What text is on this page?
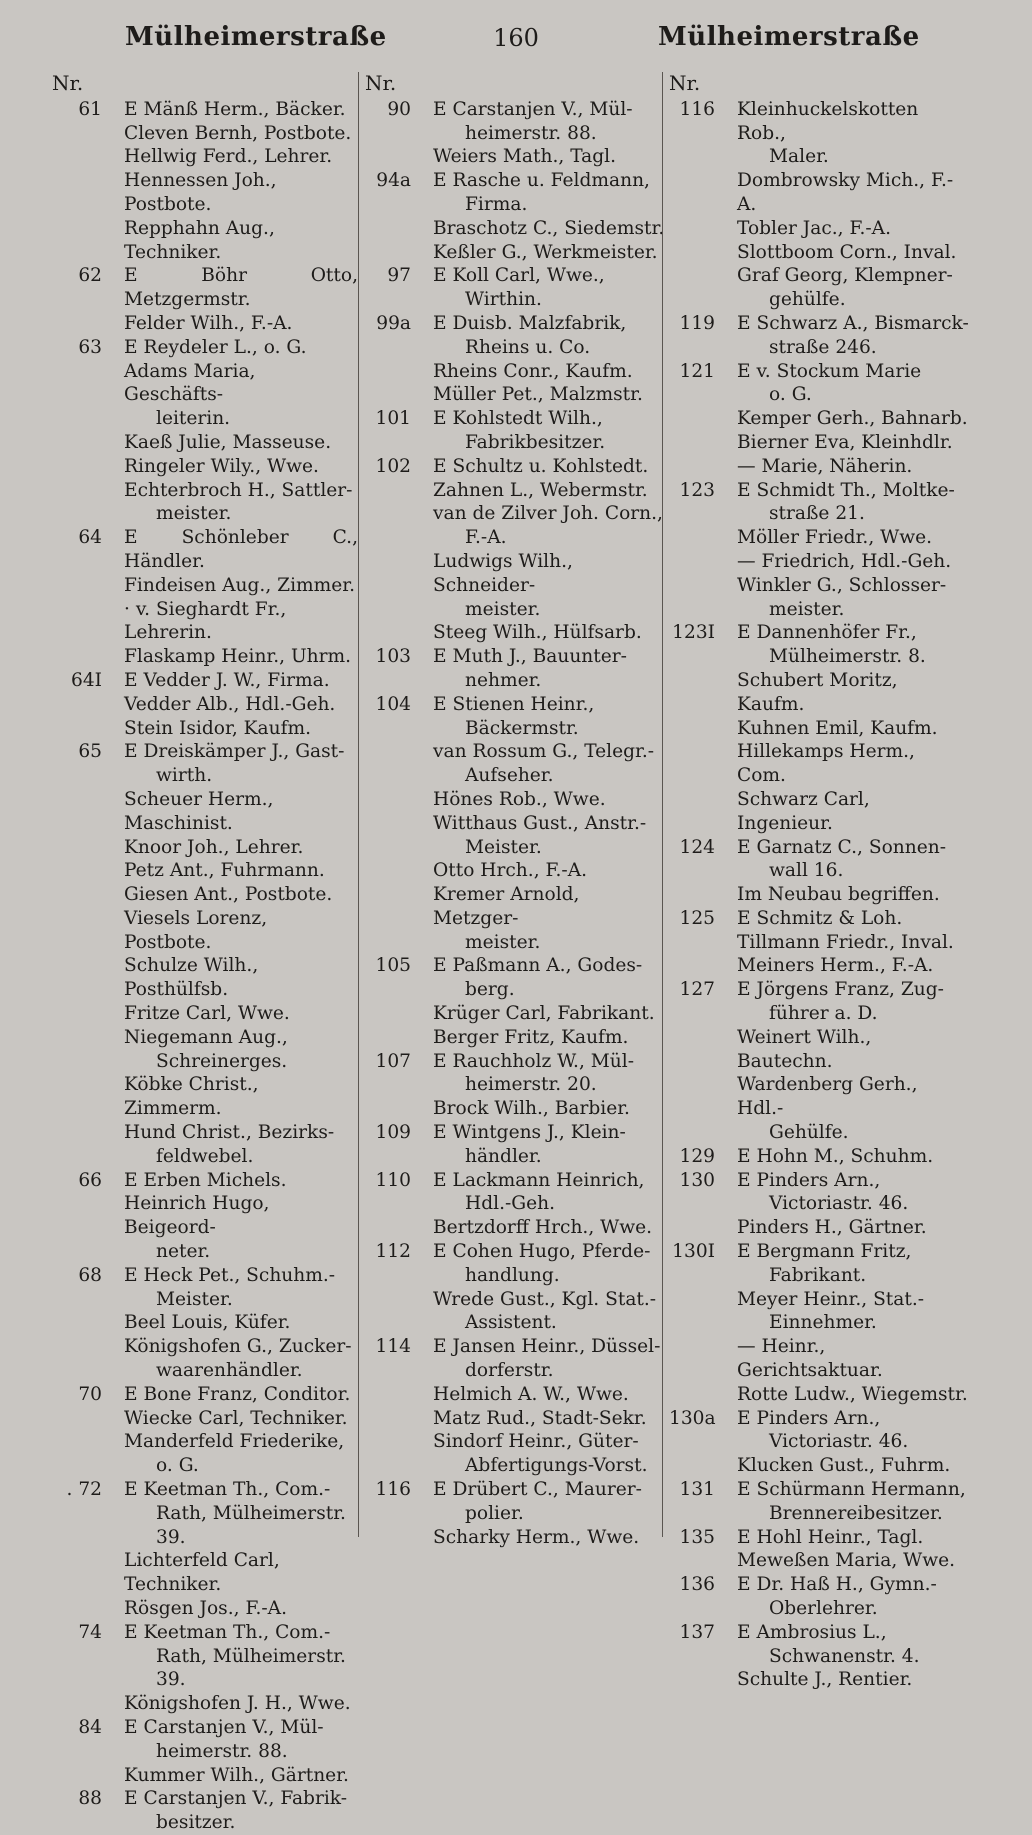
Mülheimerstraße	160	Mülheimerstraße
Nr.
61 E Mänß Herm., Bäcker.
Cleven Bernh, Postbote.
Hellwig Ferd., Lehrer.
Hennessen Joh., Postbote.
Repphahn Aug., Techniker.
62 E Böhr Otto, Metzgermstr.
Felder Wilh., F.-A.
63 E Reydeler L., o. G.
Adams Maria, Geschäfts-
leiterin.
Kaeß Julie, Masseuse.
Ringeler Wily., Wwe.
Echterbroch H., Sattler-
meister.
64 E Schönleber C., Händler.
Findeisen Aug., Zimmer.
· v. Sieghardt Fr., Lehrerin.
Flaskamp Heinr., Uhrm.
64I E Vedder J. W., Firma.
Vedder Alb., Hdl.-Geh.
Stein Isidor, Kaufm.
65 E Dreiskämper J., Gast-
wirth.
Scheuer Herm., Maschinist.
Knoor Joh., Lehrer.
Petz Ant., Fuhrmann.
Giesen Ant., Postbote.
Viesels Lorenz, Postbote.
Schulze Wilh., Posthülfsb.
Fritze Carl, Wwe.
Niegemann Aug.,
Schreinerges.
Köbke Christ., Zimmerm.
Hund Christ., Bezirks-
feldwebel.
66 E Erben Michels.
Heinrich Hugo, Beigeord-
neter.
68 E Heck Pet., Schuhm.-
Meister.
Beel Louis, Küfer.
Königshofen G., Zucker-
waarenhändler.
70 E Bone Franz, Conditor.
Wiecke Carl, Techniker.
Manderfeld Friederike,
o. G.
. 72 E Keetman Th., Com.-
Rath, Mülheimerstr. 39.
Lichterfeld Carl, Techniker.
Rösgen Jos., F.-A.
74 E Keetman Th., Com.-
Rath, Mülheimerstr. 39.
Königshofen J. H., Wwe.
84 E Carstanjen V., Mül-
heimerstr. 88.
Kummer Wilh., Gärtner.
88 E Carstanjen V., Fabrik-
besitzer.
Nr.
90 E Carstanjen V., Mül-
heimerstr. 88.
Weiers Math., Tagl.
94a E Rasche u. Feldmann,
Firma.
Braschotz C., Siedemstr.
Keßler G., Werkmeister.
97 E Koll Carl, Wwe.,
Wirthin.
99a E Duisb. Malzfabrik,
Rheins u. Co.
Rheins Conr., Kaufm.
Müller Pet., Malzmstr.
101 E Kohlstedt Wilh.,
Fabrikbesitzer.
102 E Schultz u. Kohlstedt.
Zahnen L., Webermstr.
van de Zilver Joh. Corn.,
F.-A.
Ludwigs Wilh., Schneider-
meister.
Steeg Wilh., Hülfsarb.
103 E Muth J., Bauunter-
nehmer.
104 E Stienen Heinr.,
Bäckermstr.
van Rossum G., Telegr.-
Aufseher.
Hönes Rob., Wwe.
Witthaus Gust., Anstr.-
Meister.
Otto Hrch., F.-A.
Kremer Arnold, Metzger-
meister.
105 E Paßmann A., Godes-
berg.
Krüger Carl, Fabrikant.
Berger Fritz, Kaufm.
107 E Rauchholz W., Mül-
heimerstr. 20.
Brock Wilh., Barbier.
109 E Wintgens J., Klein-
händler.
110 E Lackmann Heinrich,
Hdl.-Geh.
Bertzdorff Hrch., Wwe.
112 E Cohen Hugo, Pferde-
handlung.
Wrede Gust., Kgl. Stat.-
Assistent.
114 E Jansen Heinr., Düssel-
dorferstr.
Helmich A. W., Wwe.
Matz Rud., Stadt-Sekr.
Sindorf Heinr., Güter-
Abfertigungs-Vorst.
116 E Drübert C., Maurer-
polier.
Scharky Herm., Wwe.
Nr.
116 Kleinhuckelskotten Rob.,
Maler.
Dombrowsky Mich., F.-A.
Tobler Jac., F.-A.
Slottboom Corn., Inval.
Graf Georg, Klempner-
gehülfe.
119 E Schwarz A., Bismarck-
straße 246.
121 E v. Stockum Marie
o. G.
Kemper Gerh., Bahnarb.
Bierner Eva, Kleinhdlr.
— Marie, Näherin.
123 E Schmidt Th., Moltke-
straße 21.
Möller Friedr., Wwe.
— Friedrich, Hdl.-Geh.
Winkler G., Schlosser-
meister.
123I E Dannenhöfer Fr.,
Mülheimerstr. 8.
Schubert Moritz, Kaufm.
Kuhnen Emil, Kaufm.
Hillekamps Herm., Com.
Schwarz Carl, Ingenieur.
124 E Garnatz C., Sonnen-
wall 16.
Im Neubau begriffen.
125 E Schmitz & Loh.
Tillmann Friedr., Inval.
Meiners Herm., F.-A.
127 E Jörgens Franz, Zug-
führer a. D.
Weinert Wilh., Bautechn.
Wardenberg Gerh., Hdl.-
Gehülfe.
129 E Hohn M., Schuhm.
130 E Pinders Arn.,
Victoriastr. 46.
Pinders H., Gärtner.
130I E Bergmann Fritz,
Fabrikant.
Meyer Heinr., Stat.-
Einnehmer.
— Heinr., Gerichtsaktuar.
Rotte Ludw., Wiegemstr.
130a E Pinders Arn.,
Victoriastr. 46.
Klucken Gust., Fuhrm.
131 E Schürmann Hermann,
Brennereibesitzer.
135 E Hohl Heinr., Tagl.
Meweßen Maria, Wwe.
136 E Dr. Haß H., Gymn.-
Oberlehrer.
137 E Ambrosius L.,
Schwanenstr. 4.
Schulte J., Rentier.
